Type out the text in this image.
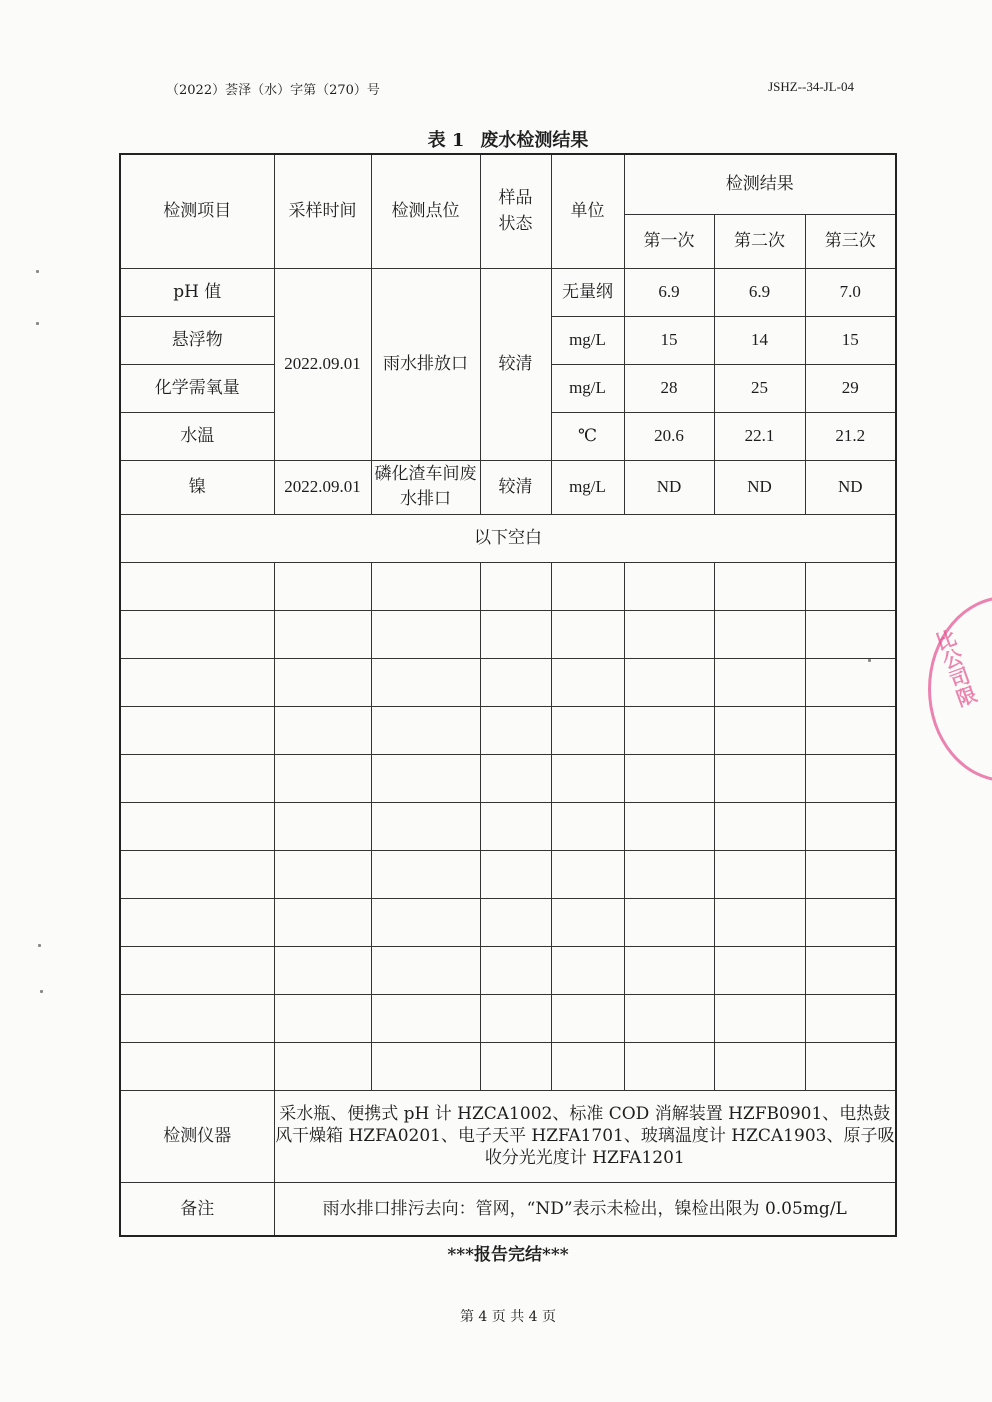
（2022）荟泽（水）字第（270）号	JSHZ--34-JL-04
表 1 废水检测结果
检测项目	采样时间	检测点位	样品状态	单位	检测结果		
					第一次	第二次	第三次
pH 值	2022.09.01	雨水排放口	较清	无量纲	6.9	6.9	7.0
悬浮物				mg/L	15	14	15
化学需氧量				mg/L	28	25	29
水温				℃	20.6	22.1	21.2
镍	2022.09.01	磷化渣车间废水排口	较清	mg/L	ND	ND	ND
以下空白							

检测仪器	采水瓶、便携式 pH 计 HZCA1002、标准 COD 消解装置 HZFB0901、电热鼓风干燥箱 HZFA0201、电子天平 HZFA1701、玻璃温度计 HZCA1903、原子吸收分光光度计 HZFA1201						
备注	雨水排口排污去向：管网，“ND”表示未检出，镍检出限为 0.05mg/L						
***报告完结***
第 4 页 共 4 页
比公司限
